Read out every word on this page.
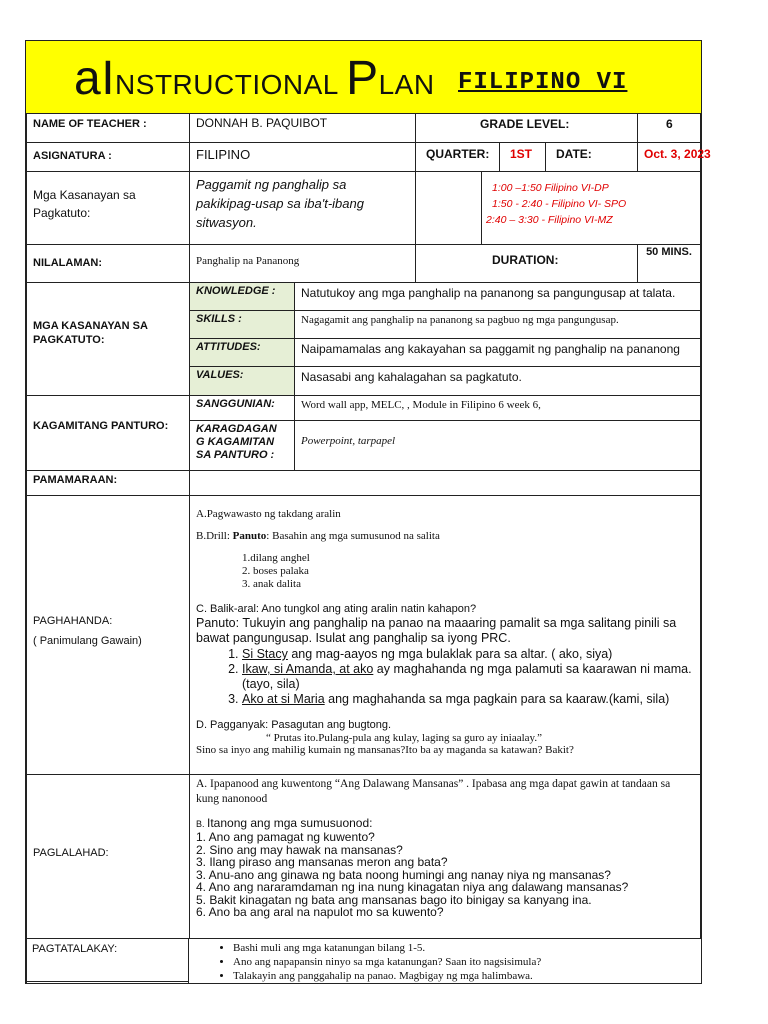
aINSTRUCTIONAL PLAN FILIPINO VI
NAME OF TEACHER :	DONNAH B. PAQUIBOT	GRADE LEVEL:	6
ASIGNATURA :	FILIPINO	QUARTER:	1ST	DATE:	Oct. 3, 2023
Mga Kasanayan sa Pagkatuto:
Paggamit ng panghalip sa pakikipag-usap sa iba't-ibang sitwasyon.

1:00 –1:50 Filipino VI-DP

1:50 - 2:40 - Filipino VI- SPO

2:40 – 3:30 - Filipino VI-MZ

NILALAMAN:	Panghalip na Pananong	DURATION:
50 MINS.
MGA KASANAYAN SA PAGKATUTO:
KNOWLEDGE :	Natutukoy ang mga panghalip na pananong sa pangungusap at talata.
SKILLS :	Nagagamit ang panghalip na pananong sa pagbuo ng mga pangungusap.
ATTITUDES:	Naipamamalas ang kakayahan sa paggamit ng panghalip na pananong
VALUES:	Nasasabi ang kahalagahan sa pagkatuto.
KAGAMITANG PANTURO:
SANGGUNIAN:	Word wall app, MELC, , Module in Filipino 6 week 6,
KARAGDAGAN G KAGAMITAN SA PANTURO :
Powerpoint, tarpapel
PAMAMARAAN:

PAGHAHANDA:

( Panimulang Gawain)

A.Pagwawasto ng takdang aralin

B.Drill: Panuto: Basahin ang mga sumusunod na salita

1.dilang anghel

2. boses palaka

3. anak dalita

C. Balik-aral: Ano tungkol ang ating aralin natin kahapon?

Panuto: Tukuyin ang panghalip na panao na maaaring pamalit sa mga salitang pinili sa bawat pangungusap. Isulat ang panghalip sa iyong PRC.

1. Si Stacy ang mag-aayos ng mga bulaklak para sa altar. ( ako, siya)
2. Ikaw, si Amanda, at ako ay maghahanda ng mga palamuti sa kaarawan ni mama. (tayo, sila)
3. Ako at si Maria ang maghahanda sa mga pagkain para sa kaaraw.(kami, sila)

D. Pagganyak: Pasagutan ang bugtong.

“ Prutas ito.Pulang-pula ang kulay, laging sa guro ay iniaalay.”

Sino sa inyo ang mahilig kumain ng mansanas?Ito ba ay maganda sa katawan? Bakit?

PAGLALAHAD:

A. Ipapanood ang kuwentong “Ang Dalawang Mansanas” . Ipabasa ang mga dapat gawin at tandaan sa kung nanonood

B. Itanong ang mga sumusuonod:

1. Ano ang pamagat ng kuwento?

2. Sino ang may hawak na mansanas?

3. Ilang piraso ang mansanas meron ang bata?

3. Anu-ano ang ginawa ng bata noong humingi ang nanay niya ng mansanas?

4. Ano ang nararamdaman ng ina nung kinagatan niya ang dalawang mansanas?

5. Bakit kinagatan ng bata ang mansanas bago ito binigay sa kanyang ina.

6. Ano ba ang aral na napulot mo sa kuwento?

PAGTATALAKAY:
•	Bashi muli ang mga katanungan bilang 1-5.
• Ano ang napapansin ninyo sa mga katanungan? Saan ito nagsisimula?
• Talakayin ang panggahalip na panao. Magbigay ng mga halimbawa.
